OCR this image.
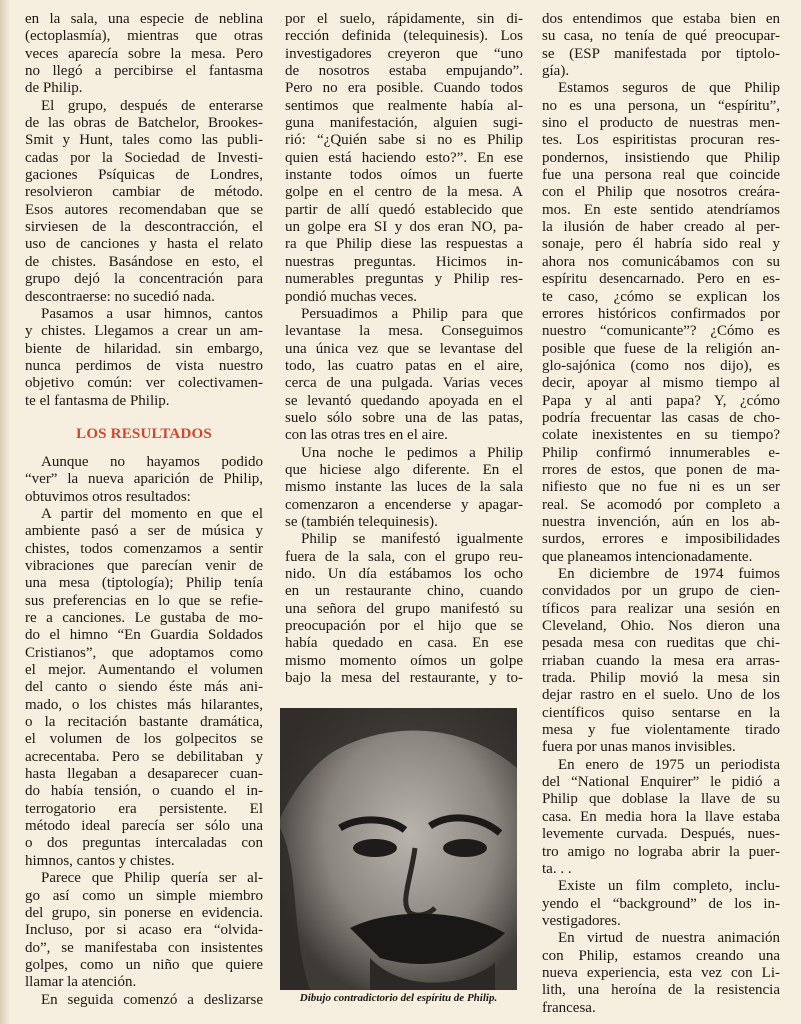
en la sala, una especie de neblina
(ectoplasmía), mientras que otras
veces aparecía sobre la mesa. Pero
no llegó a percibirse el fantasma
de Philip.
El grupo, después de enterarse
de las obras de Batchelor, Brookes-
Smit y Hunt, tales como las publi-
cadas por la Sociedad de Investi-
gaciones Psíquicas de Londres,
resolvieron cambiar de método.
Esos autores recomendaban que se
sirviesen de la descontracción, el
uso de canciones y hasta el relato
de chistes. Basándose en esto, el
grupo dejó la concentración para
descontraerse: no sucedió nada.
Pasamos a usar himnos, cantos
y chistes. Llegamos a crear un am-
biente de hilaridad. sin embargo,
nunca perdimos de vista nuestro
objetivo común: ver colectivamen-
te el fantasma de Philip.
LOS RESULTADOS
Aunque no hayamos podido
“ver” la nueva aparición de Philip,
obtuvimos otros resultados:
A partir del momento en que el
ambiente pasó a ser de música y
chistes, todos comenzamos a sentir
vibraciones que parecían venir de
una mesa (tiptología); Philip tenía
sus preferencias en lo que se refie-
re a canciones. Le gustaba de mo-
do el himno “En Guardia Soldados
Cristianos”, que adoptamos como
el mejor. Aumentando el volumen
del canto o siendo éste más ani-
mado, o los chistes más hilarantes,
o la recitación bastante dramática,
el volumen de los golpecitos se
acrecentaba. Pero se debilitaban y
hasta llegaban a desaparecer cuan-
do había tensión, o cuando el in-
terrogatorio era persistente. El
método ideal parecía ser sólo una
o dos preguntas intercaladas con
himnos, cantos y chistes.
Parece que Philip quería ser al-
go así como un simple miembro
del grupo, sin ponerse en evidencia.
Incluso, por si acaso era “olvida-
do”, se manifestaba con insistentes
golpes, como un niño que quiere
llamar la atención.
En seguida comenzó a deslizarse
por el suelo, rápidamente, sin di-
rección definida (telequinesis). Los
investigadores creyeron que “uno
de nosotros estaba empujando”.
Pero no era posible. Cuando todos
sentimos que realmente había al-
guna manifestación, alguien sugi-
rió: “¿Quién sabe si no es Philip
quien está haciendo esto?”. En ese
instante todos oímos un fuerte
golpe en el centro de la mesa. A
partir de allí quedó establecido que
un golpe era SI y dos eran NO, pa-
ra que Philip diese las respuestas a
nuestras preguntas. Hicimos in-
numerables preguntas y Philip res-
pondió muchas veces.
Persuadimos a Philip para que
levantase la mesa. Conseguimos
una única vez que se levantase del
todo, las cuatro patas en el aire,
cerca de una pulgada. Varias veces
se levantó quedando apoyada en el
suelo sólo sobre una de las patas,
con las otras tres en el aire.
Una noche le pedimos a Philip
que hiciese algo diferente. En el
mismo instante las luces de la sala
comenzaron a encenderse y apagar-
se (también telequinesis).
Philip se manifestó igualmente
fuera de la sala, con el grupo reu-
nido. Un día estábamos los ocho
en un restaurante chino, cuando
una señora del grupo manifestó su
preocupación por el hijo que se
había quedado en casa. En ese
mismo momento oímos un golpe
bajo la mesa del restaurante, y to-
dos entendimos que estaba bien en
su casa, no tenía de qué preocupar-
se (ESP manifestada por tiptolo-
gía).
Estamos seguros de que Philip
no es una persona, un “espíritu”,
sino el producto de nuestras men-
tes. Los espiritistas procuran res-
pondernos, insistiendo que Philip
fue una persona real que coincide
con el Philip que nosotros creára-
mos. En este sentido atendríamos
la ilusión de haber creado al per-
sonaje, pero él habría sido real y
ahora nos comunicábamos con su
espíritu desencarnado. Pero en es-
te caso, ¿cómo se explican los
errores históricos confirmados por
nuestro “comunicante”? ¿Cómo es
posible que fuese de la religión an-
glo-sajónica (como nos dijo), es
decir, apoyar al mismo tiempo al
Papa y al anti papa? Y, ¿cómo
podría frecuentar las casas de cho-
colate inexistentes en su tiempo?
Philip confirmó innumerables e-
rrores de estos, que ponen de ma-
nifiesto que no fue ni es un ser
real. Se acomodó por completo a
nuestra invención, aún en los ab-
surdos, errores e imposibilidades
que planeamos intencionadamente.
En diciembre de 1974 fuimos
convidados por un grupo de cien-
tíficos para realizar una sesión en
Cleveland, Ohio. Nos dieron una
pesada mesa con rueditas que chi-
rriaban cuando la mesa era arras-
trada. Philip movió la mesa sin
dejar rastro en el suelo. Uno de los
científicos quiso sentarse en la
mesa y fue violentamente tirado
fuera por unas manos invisibles.
En enero de 1975 un periodista
del “National Enquirer” le pidió a
Philip que doblase la llave de su
casa. En media hora la llave estaba
levemente curvada. Después, nues-
tro amigo no lograba abrir la puer-
ta. . .
Existe un film completo, inclu-
yendo el “background” de los in-
vestigadores.
En virtud de nuestra animación
con Philip, estamos creando una
nueva experiencia, esta vez con Li-
lith, una heroína de la resistencia
francesa.
Dibujo contradictorio del espíritu de Philip.
